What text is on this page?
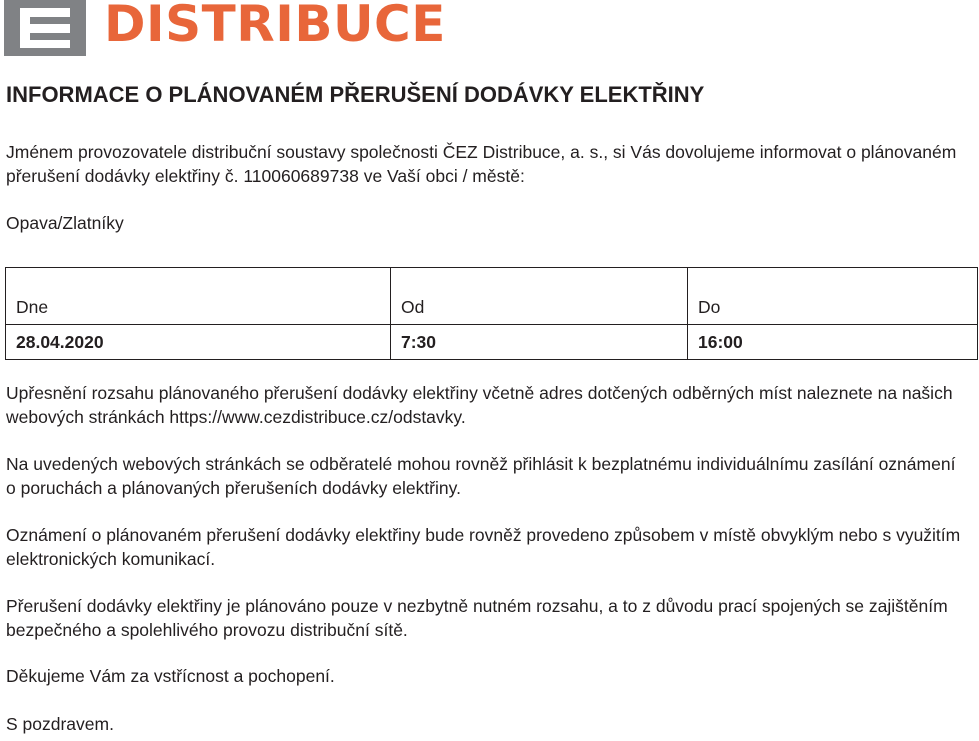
DISTRIBUCE
INFORMACE O PLÁNOVANÉM PŘERUŠENÍ DODÁVKY ELEKTŘINY

Jménem provozovatele distribuční soustavy společnosti ČEZ Distribuce, a. s., si Vás dovolujeme informovat o plánovaném přerušení dodávky elektřiny č. 110060689738 ve Vaší obci / městě:

Opava/Zlatníky

Dne	Od	Do
28.04.2020	7:30	16:00

Upřesnění rozsahu plánovaného přerušení dodávky elektřiny včetně adres dotčených odběrných míst naleznete na našich webových stránkách https://www.cezdistribuce.cz/odstavky.

Na uvedených webových stránkách se odběratelé mohou rovněž přihlásit k bezplatnému individuálnímu zasílání oznámení o poruchách a plánovaných přerušeních dodávky elektřiny.

Oznámení o plánovaném přerušení dodávky elektřiny bude rovněž provedeno způsobem v místě obvyklým nebo s využitím elektronických komunikací.

Přerušení dodávky elektřiny je plánováno pouze v nezbytně nutném rozsahu, a to z důvodu prací spojených se zajištěním bezpečného a spolehlivého provozu distribuční sítě.

Děkujeme Vám za vstřícnost a pochopení.

S pozdravem.
